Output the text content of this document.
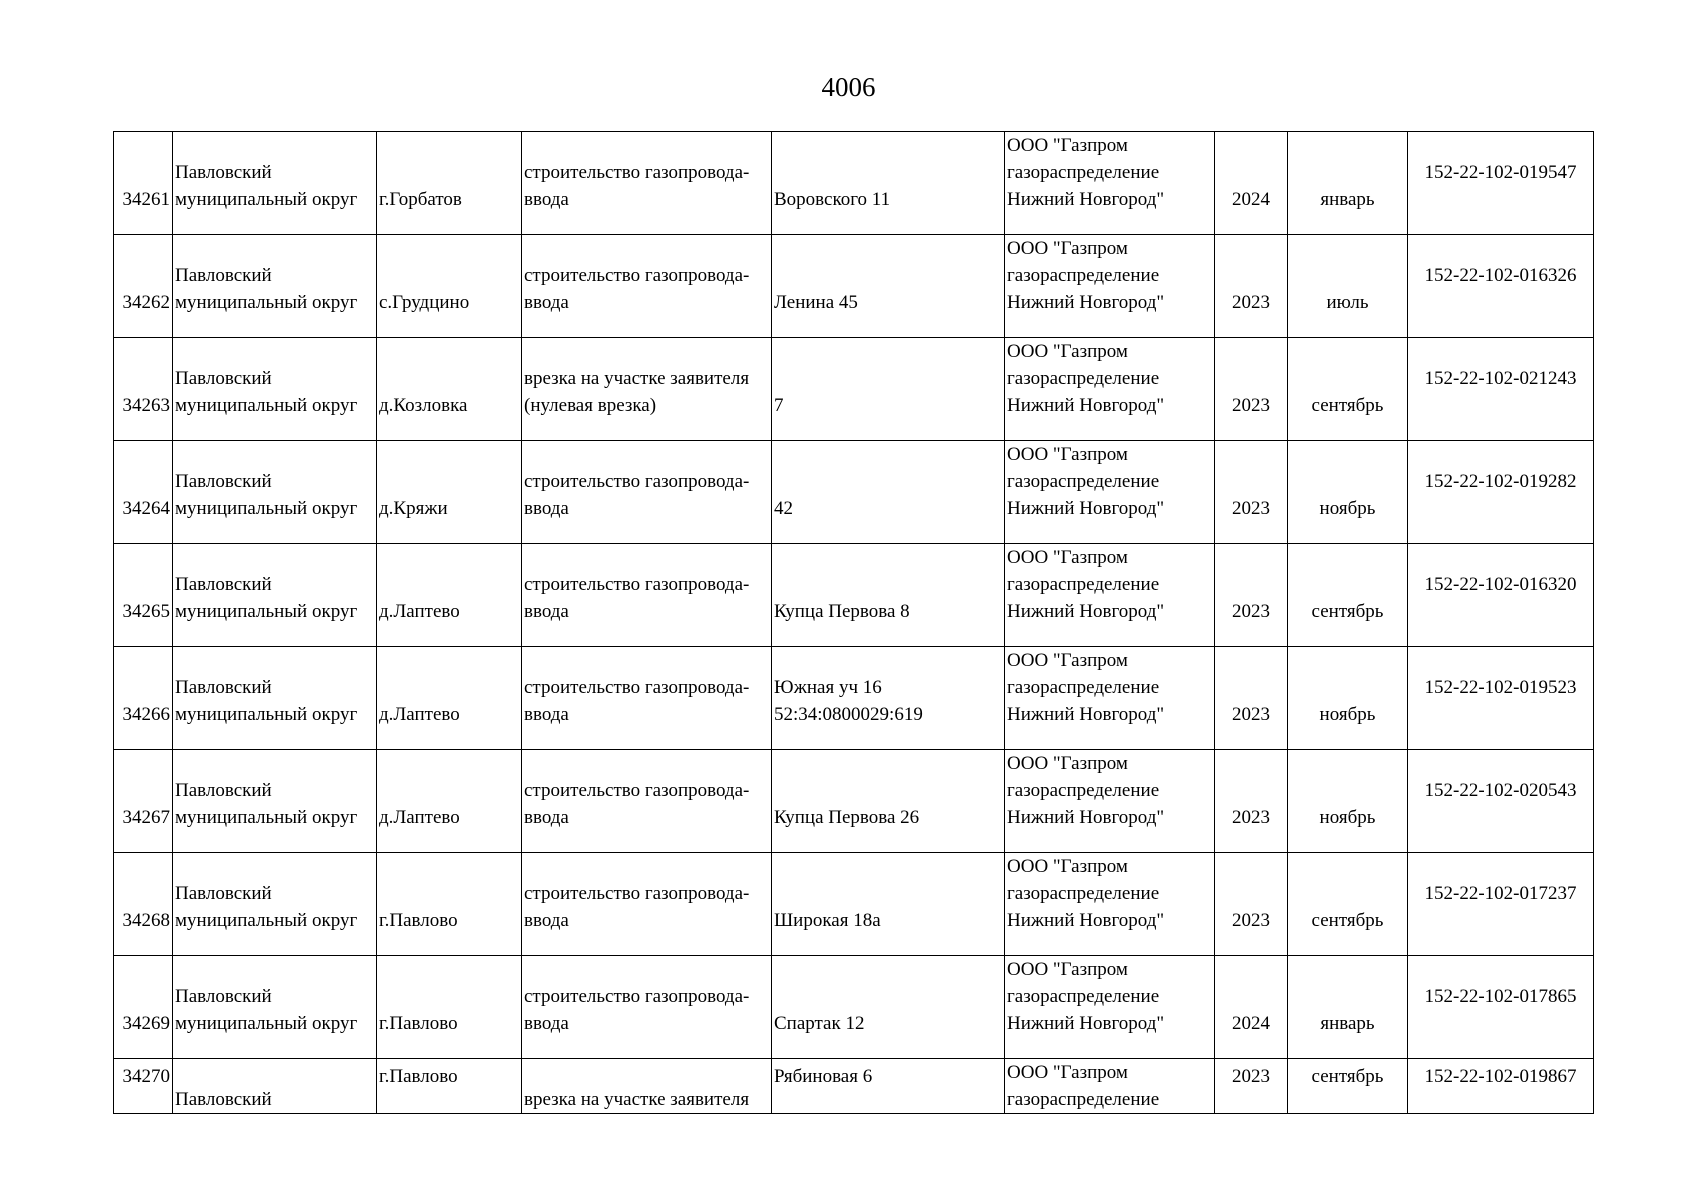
4006
34261	Павловский муниципальный округ	г.Горбатов	строительство газопровода-ввода	Воровского 11	ООО "Газпром газораспределение Нижний Новгород"	2024	январь	152-22-102-019547

34262	Павловский муниципальный округ	с.Грудцино	строительство газопровода-ввода	Ленина 45	ООО "Газпром газораспределение Нижний Новгород"	2023	июль	152-22-102-016326

34263	Павловский муниципальный округ	д.Козловка	врезка на участке заявителя (нулевая врезка)	7	ООО "Газпром газораспределение Нижний Новгород"	2023	сентябрь	152-22-102-021243

34264	Павловский муниципальный округ	д.Кряжи	строительство газопровода-ввода	42	ООО "Газпром газораспределение Нижний Новгород"	2023	ноябрь	152-22-102-019282

34265	Павловский муниципальный округ	д.Лаптево	строительство газопровода-ввода	Купца Первова 8	ООО "Газпром газораспределение Нижний Новгород"	2023	сентябрь	152-22-102-016320

34266	Павловский муниципальный округ	д.Лаптево	строительство газопровода-ввода	Южная уч 16 52:34:0800029:619	ООО "Газпром газораспределение Нижний Новгород"	2023	ноябрь	152-22-102-019523

34267	Павловский муниципальный округ	д.Лаптево	строительство газопровода-ввода	Купца Первова 26	ООО "Газпром газораспределение Нижний Новгород"	2023	ноябрь	152-22-102-020543

34268	Павловский муниципальный округ	г.Павлово	строительство газопровода-ввода	Широкая 18а	ООО "Газпром газораспределение Нижний Новгород"	2023	сентябрь	152-22-102-017237

34269	Павловский муниципальный округ	г.Павлово	строительство газопровода-ввода	Спартак 12	ООО "Газпром газораспределение Нижний Новгород"	2024	январь	152-22-102-017865

34270	Павловский	г.Павлово	врезка на участке заявителя	Рябиновая 6	ООО "Газпром газораспределение	2023	сентябрь	152-22-102-019867
